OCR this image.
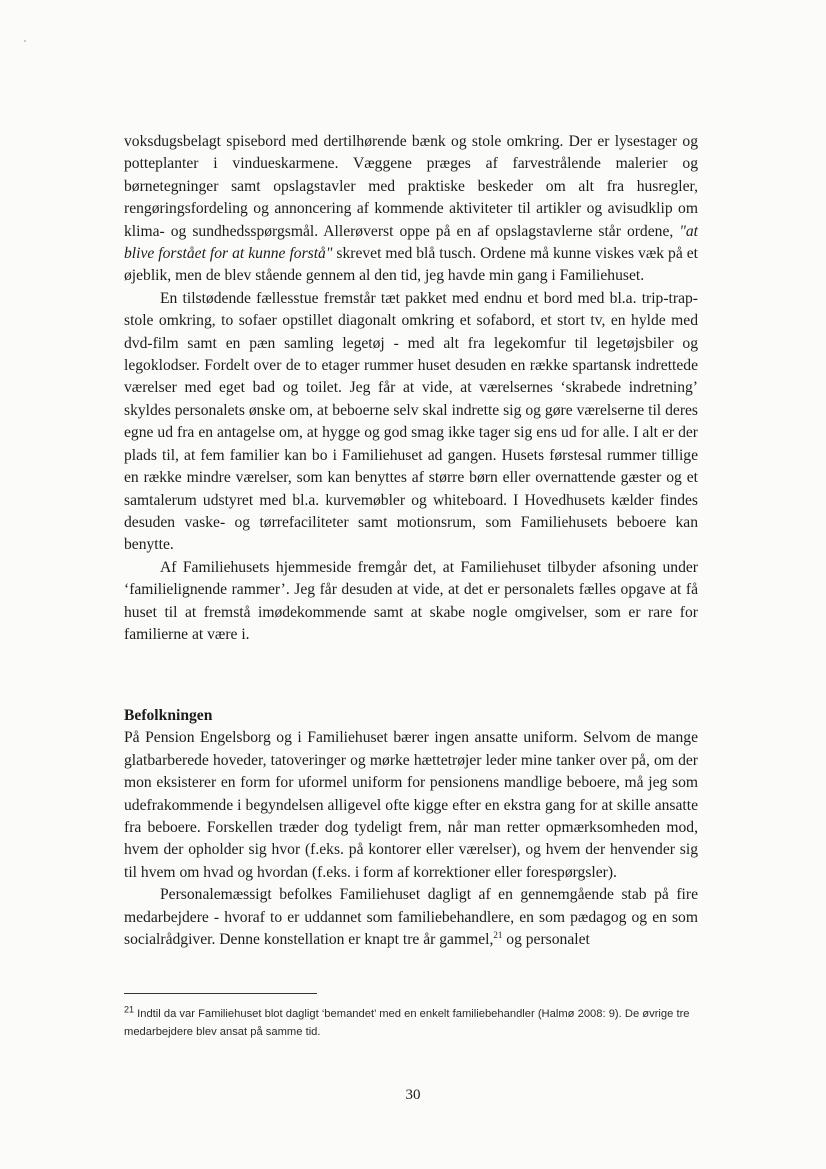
voksdugsbelagt spisebord med dertilhørende bænk og stole omkring. Der er lysestager og potteplanter i vindueskarmene. Væggene præges af farvestrålende malerier og børnetegninger samt opslagstavler med praktiske beskeder om alt fra husregler, rengøringsfordeling og annoncering af kommende aktiviteter til artikler og avisudklip om klima- og sundhedsspørgsmål. Allerøverst oppe på en af opslagstavlerne står ordene, "at blive forstået for at kunne forstå" skrevet med blå tusch. Ordene må kunne viskes væk på et øjeblik, men de blev stående gennem al den tid, jeg havde min gang i Familiehuset.

En tilstødende fællesstue fremstår tæt pakket med endnu et bord med bl.a. trip-trap-stole omkring, to sofaer opstillet diagonalt omkring et sofabord, et stort tv, en hylde med dvd-film samt en pæn samling legetøj - med alt fra legekomfur til legetøjsbiler og legoklodser. Fordelt over de to etager rummer huset desuden en række spartansk indrettede værelser med eget bad og toilet. Jeg får at vide, at værelsernes ‘skrabede indretning’ skyldes personalets ønske om, at beboerne selv skal indrette sig og gøre værelserne til deres egne ud fra en antagelse om, at hygge og god smag ikke tager sig ens ud for alle. I alt er der plads til, at fem familier kan bo i Familiehuset ad gangen. Husets førstesal rummer tillige en række mindre værelser, som kan benyttes af større børn eller overnattende gæster og et samtalerum udstyret med bl.a. kurvemøbler og whiteboard. I Hovedhusets kælder findes desuden vaske- og tørrefaciliteter samt motionsrum, som Familiehusets beboere kan benytte.

Af Familiehusets hjemmeside fremgår det, at Familiehuset tilbyder afsoning under ‘familielignende rammer’. Jeg får desuden at vide, at det er personalets fælles opgave at få huset til at fremstå imødekommende samt at skabe nogle omgivelser, som er rare for familierne at være i.

Befolkningen

På Pension Engelsborg og i Familiehuset bærer ingen ansatte uniform. Selvom de mange glatbarberede hoveder, tatoveringer og mørke hættetrøjer leder mine tanker over på, om der mon eksisterer en form for uformel uniform for pensionens mandlige beboere, må jeg som udefrakommende i begyndelsen alligevel ofte kigge efter en ekstra gang for at skille ansatte fra beboere. Forskellen træder dog tydeligt frem, når man retter opmærksomheden mod, hvem der opholder sig hvor (f.eks. på kontorer eller værelser), og hvem der henvender sig til hvem om hvad og hvordan (f.eks. i form af korrektioner eller forespørgsler).

Personalemæssigt befolkes Familiehuset dagligt af en gennemgående stab på fire medarbejdere - hvoraf to er uddannet som familiebehandlere, en som pædagog og en som socialrådgiver. Denne konstellation er knapt tre år gammel,$^{21}$ og personalet

$^{21}$ Indtil da var Familiehuset blot dagligt ‘bemandet’ med en enkelt familiebehandler (Halmø 2008: 9). De øvrige tre medarbejdere blev ansat på samme tid.
30
